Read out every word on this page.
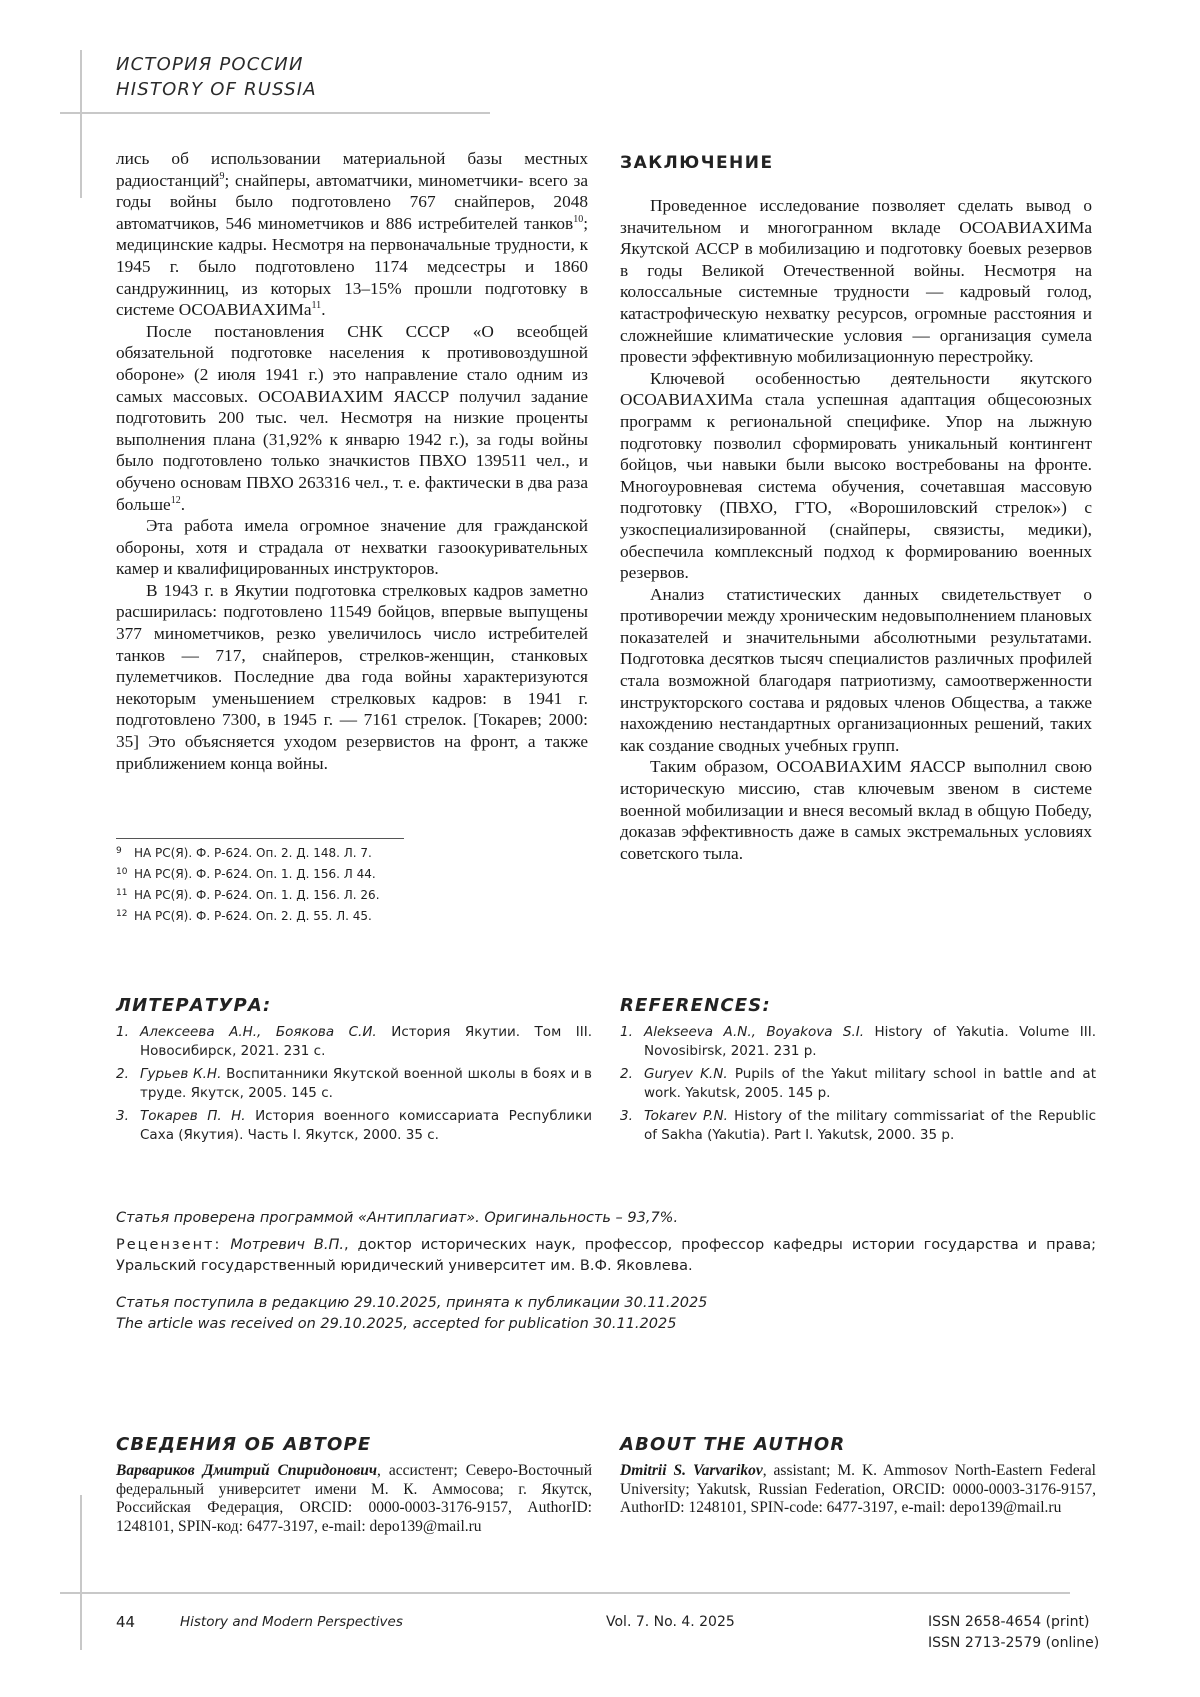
ИСТОРИЯ РОССИИ
HISTORY OF RUSSIA

лись об использовании материальной базы местных радиостанций$^9$; снайперы, автоматчики, минометчики- всего за годы войны было подготовлено 767 снайперов, 2048 автоматчиков, 546 минометчиков и 886 истребителей танков$^{10}$; медицинские кадры. Несмотря на первоначальные трудности, к 1945 г. было подготовлено 1174 медсестры и 1860 сандружинниц, из которых 13–15% прошли подготовку в системе ОСОАВИАХИМа$^{11}$.

После постановления СНК СССР «О всеобщей обязательной подготовке населения к противовоздушной обороне» (2 июля 1941 г.) это направление стало одним из самых массовых. ОСОАВИАХИМ ЯАССР получил задание подготовить 200 тыс. чел. Несмотря на низкие проценты выполнения плана (31,92% к январю 1942 г.), за годы войны было подготовлено только значкистов ПВХО 139511 чел., и обучено основам ПВХО 263316 чел., т. е. фактически в два раза больше$^{12}$.

Эта работа имела огромное значение для гражданской обороны, хотя и страдала от нехватки газоокуривательных камер и квалифицированных инструкторов.

В 1943 г. в Якутии подготовка стрелковых кадров заметно расширилась: подготовлено 11549 бойцов, впервые выпущены 377 минометчиков, резко увеличилось число истребителей танков — 717, снайперов, стрелков-женщин, станковых пулеметчиков. Последние два года войны характеризуются некоторым уменьшением стрелковых кадров: в 1941 г. подготовлено 7300, в 1945 г. — 7161 стрелок. [Токарев; 2000: 35] Это объясняется уходом резервистов на фронт, а также приближением конца войны.

9 НА РС(Я). Ф. Р-624. Оп. 2. Д. 148. Л. 7.
10 НА РС(Я). Ф. Р-624. Оп. 1. Д. 156. Л 44.
11 НА РС(Я). Ф. Р-624. Оп. 1. Д. 156. Л. 26.
12 НА РС(Я). Ф. Р-624. Оп. 2. Д. 55. Л. 45.
ЗАКЛЮЧЕНИЕ

Проведенное исследование позволяет сделать вывод о значительном и многогранном вкладе ОСОАВИАХИМа Якутской АССР в мобилизацию и подготовку боевых резервов в годы Великой Отечественной войны. Несмотря на колоссальные системные трудности — кадровый голод, катастрофическую нехватку ресурсов, огромные расстояния и сложнейшие климатические условия — организация сумела провести эффективную мобилизационную перестройку.

Ключевой особенностью деятельности якутского ОСОАВИАХИМа стала успешная адаптация общесоюзных программ к региональной специфике. Упор на лыжную подготовку позволил сформировать уникальный контингент бойцов, чьи навыки были высоко востребованы на фронте. Многоуровневая система обучения, сочетавшая массовую подготовку (ПВХО, ГТО, «Ворошиловский стрелок») с узкоспециализированной (снайперы, связисты, медики), обеспечила комплексный подход к формированию военных резервов.

Анализ статистических данных свидетельствует о противоречии между хроническим недовыполнением плановых показателей и значительными абсолютными результатами. Подготовка десятков тысяч специалистов различных профилей стала возможной благодаря патриотизму, самоотверженности инструкторского состава и рядовых членов Общества, а также нахождению нестандартных организационных решений, таких как создание сводных учебных групп.

Таким образом, ОСОАВИАХИМ ЯАССР выполнил свою историческую миссию, став ключевым звеном в системе военной мобилизации и внеся весомый вклад в общую Победу, доказав эффективность даже в самых экстремальных условиях советского тыла.

ЛИТЕРАТУРА:
1. Алексеева А.Н., Боякова С.И. История Якутии. Том III. Новосибирск, 2021. 231 с.
2. Гурьев К.Н. Воспитанники Якутской военной школы в боях и в труде. Якутск, 2005. 145 с.
3. Токарев П. Н. История военного комиссариата Республики Саха (Якутия). Часть I. Якутск, 2000. 35 с.
REFERENCES:
1. Alekseeva A.N., Boyakova S.I. History of Yakutia. Volume III. Novosibirsk, 2021. 231 p.
2. Guryev K.N. Pupils of the Yakut military school in battle and at work. Yakutsk, 2005. 145 p.
3. Tokarev P.N. History of the military commissariat of the Republic of Sakha (Yakutia). Part I. Yakutsk, 2000. 35 p.
Статья проверена программой «Антиплагиат». Оригинальность – 93,7%.
Рецензент: Мотревич В.П., доктор исторических наук, профессор, профессор кафедры истории государства и права; Уральский государственный юридический университет им. В.Ф. Яковлева.
Статья поступила в редакцию 29.10.2025, принята к публикации 30.11.2025
The article was received on 29.10.2025, accepted for publication 30.11.2025
СВЕДЕНИЯ ОБ АВТОРЕ
Варвариков Дмитрий Спиридонович, ассистент; Северо-Восточный федеральный университет имени М. К. Аммосова; г. Якутск, Российская Федерация, ORCID: 0000-0003-3176-9157, AuthorID: 1248101, SPIN-код: 6477-3197, e-mail: depo139@mail.ru
ABOUT THE AUTHOR
Dmitrii S. Varvarikov, assistant; M. K. Ammosov North-Eastern Federal University; Yakutsk, Russian Federation, ORCID: 0000-0003-3176-9157, AuthorID: 1248101, SPIN-code: 6477-3197, e-mail: depo139@mail.ru
44	History and Modern Perspectives	Vol. 7. No. 4. 2025	ISSN 2658-4654 (print)
ISSN 2713-2579 (online)
